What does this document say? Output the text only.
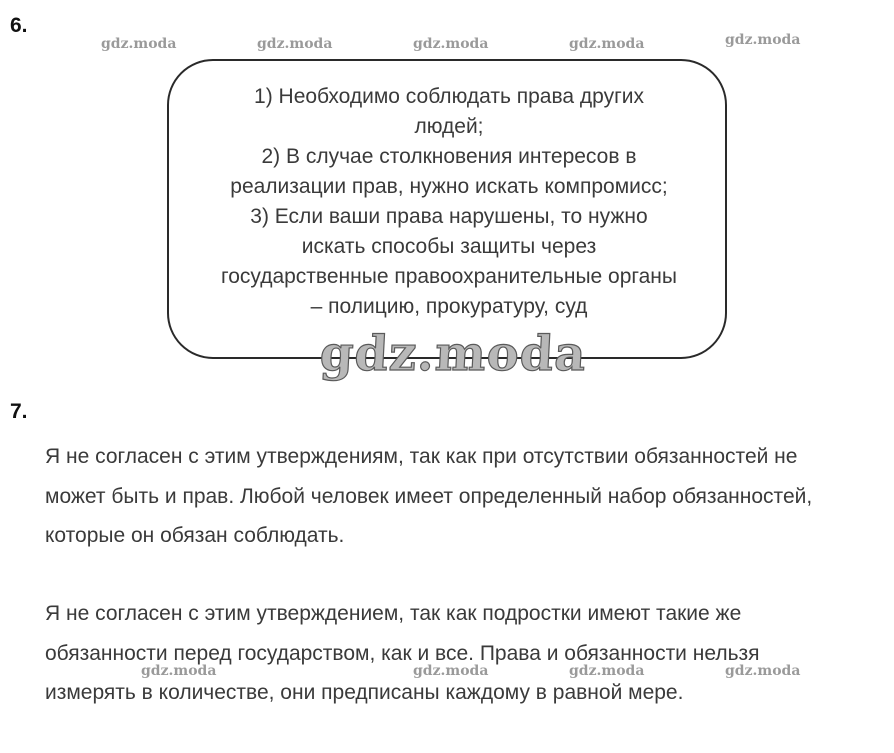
6.
gdz.moda	gdz.moda	gdz.moda	gdz.moda	gdz.moda
1) Необходимо соблюдать права других
людей;
2) В случае столкновения интересов в
реализации прав, нужно искать компромисс;
3) Если ваши права нарушены, то нужно
искать способы защиты через
государственные правоохранительные органы
– полицию, прокуратуру, суд
gdz.moda
7.
Я не согласен с этим утверждениям, так как при отсутствии обязанностей не
может быть и прав. Любой человек имеет определенный набор обязанностей,
которые он обязан соблюдать.
Я не согласен с этим утверждением, так как подростки имеют такие же
обязанности перед государством, как и все. Права и обязанности нельзя
измерять в количестве, они предписаны каждому в равной мере.
gdz.moda	gdz.moda	gdz.moda	gdz.moda
